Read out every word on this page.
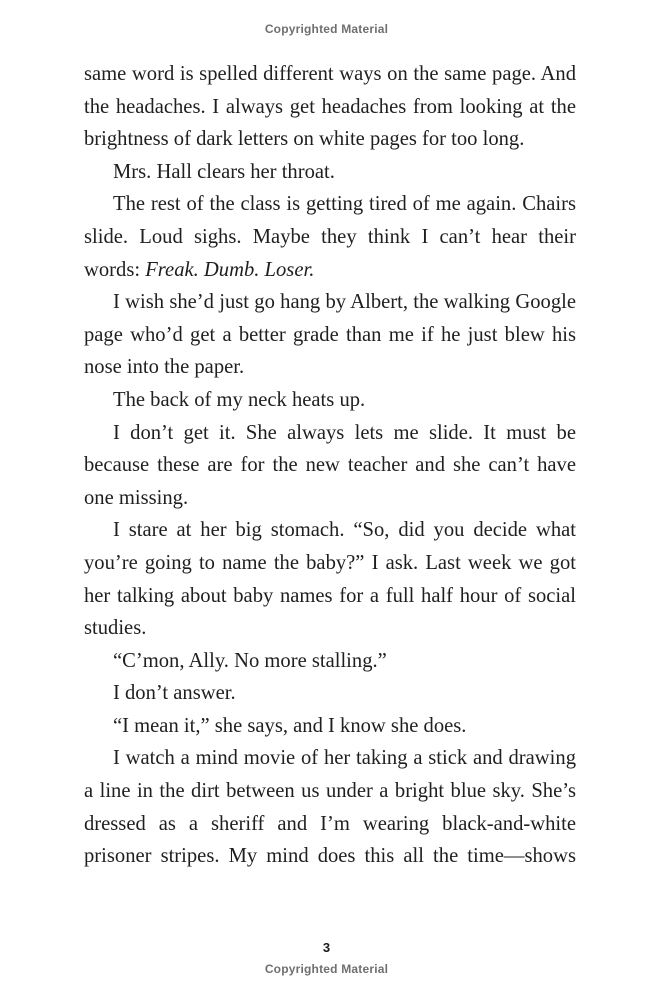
Copyrighted Material

same word is spelled different ways on the same page. And the headaches. I always get headaches from looking at the brightness of dark letters on white pages for too long.

Mrs. Hall clears her throat.

The rest of the class is getting tired of me again. Chairs slide. Loud sighs. Maybe they think I can’t hear their words: Freak. Dumb. Loser.

I wish she’d just go hang by Albert, the walking Google page who’d get a better grade than me if he just blew his nose into the paper.

The back of my neck heats up.

I don’t get it. She always lets me slide. It must be because these are for the new teacher and she can’t have one missing.

I stare at her big stomach. “So, did you decide what you’re going to name the baby?” I ask. Last week we got her talking about baby names for a full half hour of social studies.

“C’mon, Ally. No more stalling.”

I don’t answer.

“I mean it,” she says, and I know she does.

I watch a mind movie of her taking a stick and drawing a line in the dirt between us under a bright blue sky. She’s dressed as a sheriff and I’m wearing black-and-white prisoner stripes. My mind does this all the time—shows

3
Copyrighted Material
